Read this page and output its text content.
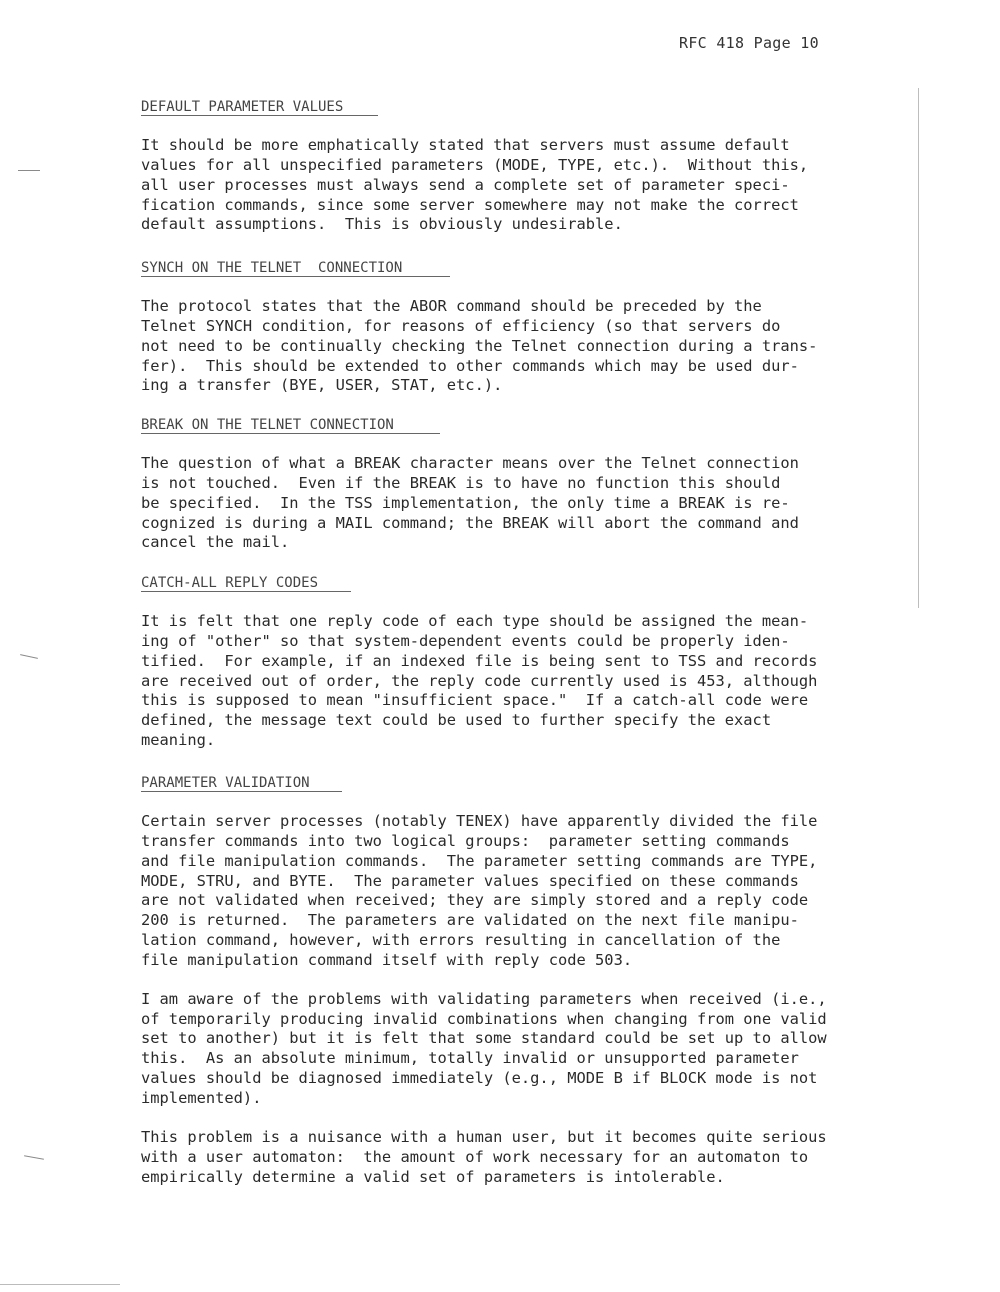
RFC 418 Page 10
DEFAULT PARAMETER VALUES

It should be more emphatically stated that servers must assume default
values for all unspecified parameters (MODE, TYPE, etc.).  Without this,
all user processes must always send a complete set of parameter speci-
fication commands, since some server somewhere may not make the correct
default assumptions.  This is obviously undesirable.

SYNCH ON THE TELNET  CONNECTION

The protocol states that the ABOR command should be preceded by the
Telnet SYNCH condition, for reasons of efficiency (so that servers do
not need to be continually checking the Telnet connection during a trans-
fer).  This should be extended to other commands which may be used dur-
ing a transfer (BYE, USER, STAT, etc.).

BREAK ON THE TELNET CONNECTION

The question of what a BREAK character means over the Telnet connection
is not touched.  Even if the BREAK is to have no function this should
be specified.  In the TSS implementation, the only time a BREAK is re-
cognized is during a MAIL command; the BREAK will abort the command and
cancel the mail.

CATCH-ALL REPLY CODES

It is felt that one reply code of each type should be assigned the mean-
ing of "other" so that system-dependent events could be properly iden-
tified.  For example, if an indexed file is being sent to TSS and records
are received out of order, the reply code currently used is 453, although
this is supposed to mean "insufficient space."  If a catch-all code were
defined, the message text could be used to further specify the exact
meaning.

PARAMETER VALIDATION

Certain server processes (notably TENEX) have apparently divided the file
transfer commands into two logical groups:  parameter setting commands
and file manipulation commands.  The parameter setting commands are TYPE,
MODE, STRU, and BYTE.  The parameter values specified on these commands
are not validated when received; they are simply stored and a reply code
200 is returned.  The parameters are validated on the next file manipu-
lation command, however, with errors resulting in cancellation of the
file manipulation command itself with reply code 503.

I am aware of the problems with validating parameters when received (i.e.,
of temporarily producing invalid combinations when changing from one valid
set to another) but it is felt that some standard could be set up to allow
this.  As an absolute minimum, totally invalid or unsupported parameter
values should be diagnosed immediately (e.g., MODE B if BLOCK mode is not
implemented).

This problem is a nuisance with a human user, but it becomes quite serious
with a user automaton:  the amount of work necessary for an automaton to
empirically determine a valid set of parameters is intolerable.
